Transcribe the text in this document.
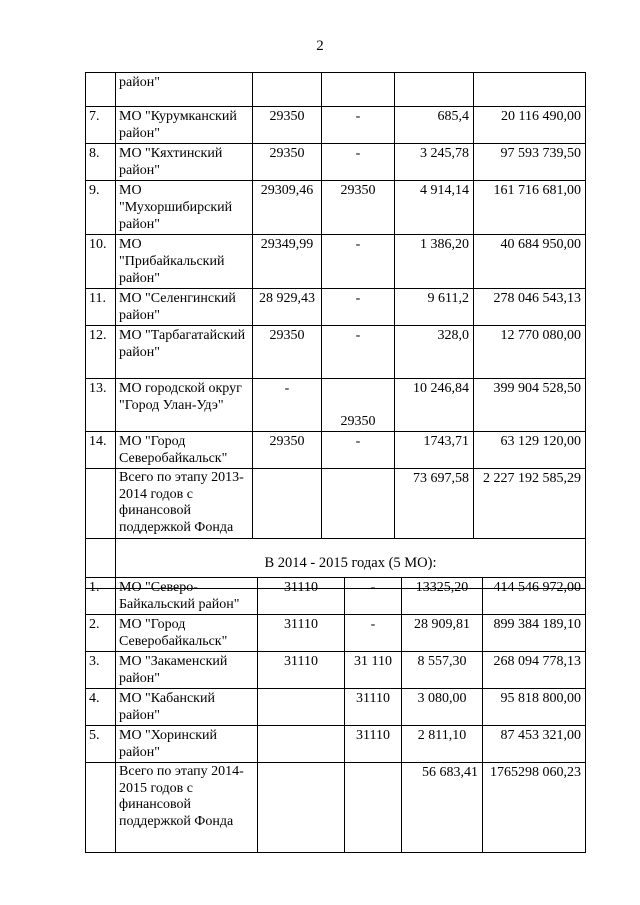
2
	район"				
7.	МО "Курумканский район"	29350	-	685,4	20 116 490,00
8.	МО "Кяхтинский район"	29350	-	3 245,78	97 593 739,50
9.	МО "Мухоршибирский район"	29309,46	29350	4 914,14	161 716 681,00
10.	МО "Прибайкальский район"	29349,99	-	1 386,20	40 684 950,00
11.	МО "Селенгинский район"	28 929,43	-	9 611,2	278 046 543,13
12.	МО "Тарбагатайский район"	29350	-	328,0	12 770 080,00
13.	МО городской округ "Город Улан-Удэ"	-	29350	10 246,84	399 904 528,50
14.	МО "Город Северобайкальск"	29350	-	1743,71	63 129 120,00
	Всего по этапу 2013-2014 годов с финансовой поддержкой Фонда			73 697,58	2 227 192 585,29
	В 2014 - 2015 годах (5 МО):				
1.	МО "Северо-Байкальский район"	31110	-	13325,20	414 546 972,00
2.	МО "Город Северобайкальск"	31110	-	28 909,81	899 384 189,10
3.	МО "Закаменский район"	31110	31 110	8 557,30	268 094 778,13
4.	МО "Кабанский район"		31110	3 080,00	95 818 800,00
5.	МО "Хоринский район"		31110	2 811,10	87 453 321,00
	Всего по этапу 2014-2015 годов с финансовой поддержкой Фонда			56 683,41	1765298 060,23
